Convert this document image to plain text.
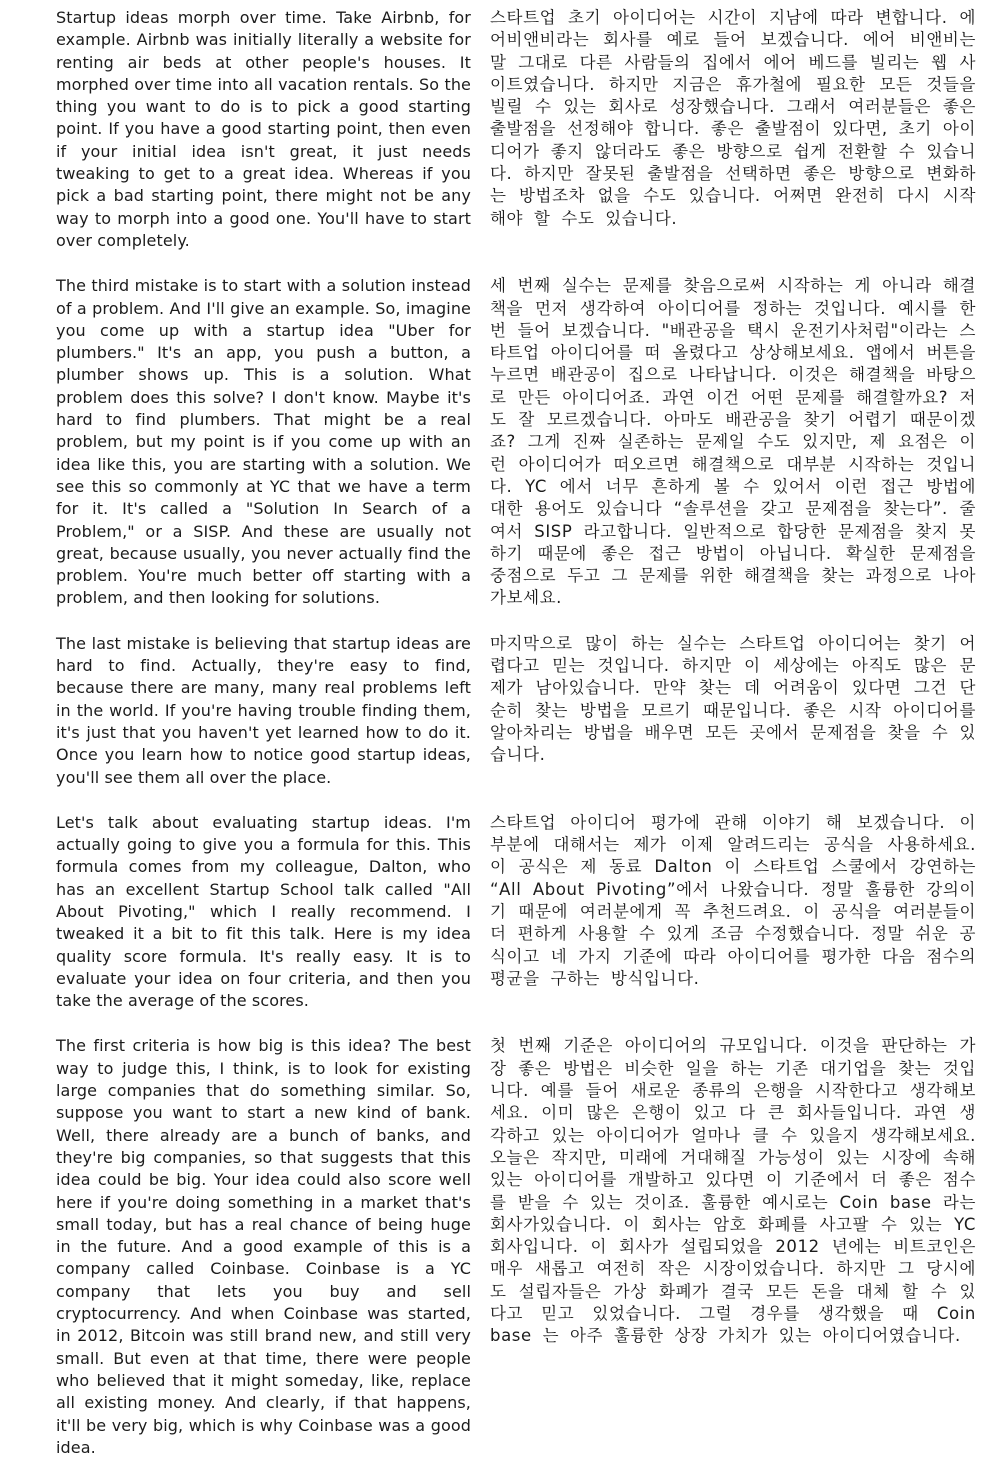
Startup ideas morph over time. Take Airbnb, for example. Airbnb was initially literally a website for renting air beds at other people's houses. It morphed over time into all vacation rentals. So the thing you want to do is to pick a good starting point. If you have a good starting point, then even if your initial idea isn't great, it just needs tweaking to get to a great idea. Whereas if you pick a bad starting point, there might not be any way to morph into a good one. You'll have to start over completely.
스타트업 초기 아이디어는 시간이 지남에 따라 변합니다. 에어비앤비라는 회사를 예로 들어 보겠습니다. 에어 비앤비는 말 그대로 다른 사람들의 집에서 에어 베드를 빌리는 웹 사이트였습니다. 하지만 지금은 휴가철에 필요한 모든 것들을 빌릴 수 있는 회사로 성장했습니다. 그래서 여러분들은 좋은 출발점을 선정해야 합니다. 좋은 출발점이 있다면, 초기 아이디어가 좋지 않더라도 좋은 방향으로 쉽게 전환할 수 있습니다. 하지만 잘못된 출발점을 선택하면 좋은 방향으로 변화하는 방법조차 없을 수도 있습니다. 어쩌면 완전히 다시 시작해야 할 수도 있습니다.
The third mistake is to start with a solution instead of a problem. And I'll give an example. So, imagine you come up with a startup idea "Uber for plumbers." It's an app, you push a button, a plumber shows up. This is a solution. What problem does this solve? I don't know. Maybe it's hard to find plumbers. That might be a real problem, but my point is if you come up with an idea like this, you are starting with a solution. We see this so commonly at YC that we have a term for it. It's called a "Solution In Search of a Problem," or a SISP. And these are usually not great, because usually, you never actually find the problem. You're much better off starting with a problem, and then looking for solutions.
세 번째 실수는 문제를 찾음으로써 시작하는 게 아니라 해결책을 먼저 생각하여 아이디어를 정하는 것입니다. 예시를 한번 들어 보겠습니다. "배관공을 택시 운전기사처럼"이라는 스타트업 아이디어를 떠 올렸다고 상상해보세요. 앱에서 버튼을 누르면 배관공이 집으로 나타납니다. 이것은 해결책을 바탕으로 만든 아이디어죠. 과연 이건 어떤 문제를 해결할까요? 저도 잘 모르겠습니다. 아마도 배관공을 찾기 어렵기 때문이겠죠? 그게 진짜 실존하는 문제일 수도 있지만, 제 요점은 이런 아이디어가 떠오르면 해결책으로 대부분 시작하는 것입니다. YC 에서 너무 흔하게 볼 수 있어서 이런 접근 방법에 대한 용어도 있습니다 “솔루션을 갖고 문제점을 찾는다”. 줄여서 SISP 라고합니다. 일반적으로 합당한 문제점을 찾지 못하기 때문에 좋은 접근 방법이 아닙니다. 확실한 문제점을 중점으로 두고 그 문제를 위한 해결책을 찾는 과정으로 나아가보세요.
The last mistake is believing that startup ideas are hard to find. Actually, they're easy to find, because there are many, many real problems left in the world. If you're having trouble finding them, it's just that you haven't yet learned how to do it. Once you learn how to notice good startup ideas, you'll see them all over the place.
마지막으로 많이 하는 실수는 스타트업 아이디어는 찾기 어렵다고 믿는 것입니다. 하지만 이 세상에는 아직도 많은 문제가 남아있습니다. 만약 찾는 데 어려움이 있다면 그건 단순히 찾는 방법을 모르기 때문입니다. 좋은 시작 아이디어를 알아차리는 방법을 배우면 모든 곳에서 문제점을 찾을 수 있습니다.
Let's talk about evaluating startup ideas. I'm actually going to give you a formula for this. This formula comes from my colleague, Dalton, who has an excellent Startup School talk called "All About Pivoting," which I really recommend. I tweaked it a bit to fit this talk. Here is my idea quality score formula. It's really easy. It is to evaluate your idea on four criteria, and then you take the average of the scores.
스타트업 아이디어 평가에 관해 이야기 해 보겠습니다. 이 부분에 대해서는 제가 이제 알려드리는 공식을 사용하세요. 이 공식은 제 동료 Dalton 이 스타트업 스쿨에서 강연하는 “All About Pivoting”에서 나왔습니다. 정말 훌륭한 강의이기 때문에 여러분에게 꼭 추천드려요. 이 공식을 여러분들이 더 편하게 사용할 수 있게 조금 수정했습니다. 정말 쉬운 공식이고 네 가지 기준에 따라 아이디어를 평가한 다음 점수의 평균을 구하는 방식입니다.
The first criteria is how big is this idea? The best way to judge this, I think, is to look for existing large companies that do something similar. So, suppose you want to start a new kind of bank. Well, there already are a bunch of banks, and they're big companies, so that suggests that this idea could be big. Your idea could also score well here if you're doing something in a market that's small today, but has a real chance of being huge in the future. And a good example of this is a company called Coinbase. Coinbase is a YC company that lets you buy and sell cryptocurrency. And when Coinbase was started, in 2012, Bitcoin was still brand new, and still very small. But even at that time, there were people who believed that it might someday, like, replace all existing money. And clearly, if that happens, it'll be very big, which is why Coinbase was a good idea.
첫 번째 기준은 아이디어의 규모입니다. 이것을 판단하는 가장 좋은 방법은 비슷한 일을 하는 기존 대기업을 찾는 것입니다. 예를 들어 새로운 종류의 은행을 시작한다고 생각해보세요. 이미 많은 은행이 있고 다 큰 회사들입니다. 과연 생각하고 있는 아이디어가 얼마나 클 수 있을지 생각해보세요. 오늘은 작지만, 미래에 거대해질 가능성이 있는 시장에 속해있는 아이디어를 개발하고 있다면 이 기준에서 더 좋은 점수를 받을 수 있는 것이죠. 훌륭한 예시로는 Coin base 라는 회사가있습니다. 이 회사는 암호 화폐를 사고팔 수 있는 YC 회사입니다. 이 회사가 설립되었을 2012 년에는 비트코인은 매우 새롭고 여전히 작은 시장이었습니다. 하지만 그 당시에도 설립자들은 가상 화폐가 결국 모든 돈을 대체 할 수 있다고 믿고 있었습니다. 그럴 경우를 생각했을 때 Coin base 는 아주 훌륭한 상장 가치가 있는 아이디어였습니다.
